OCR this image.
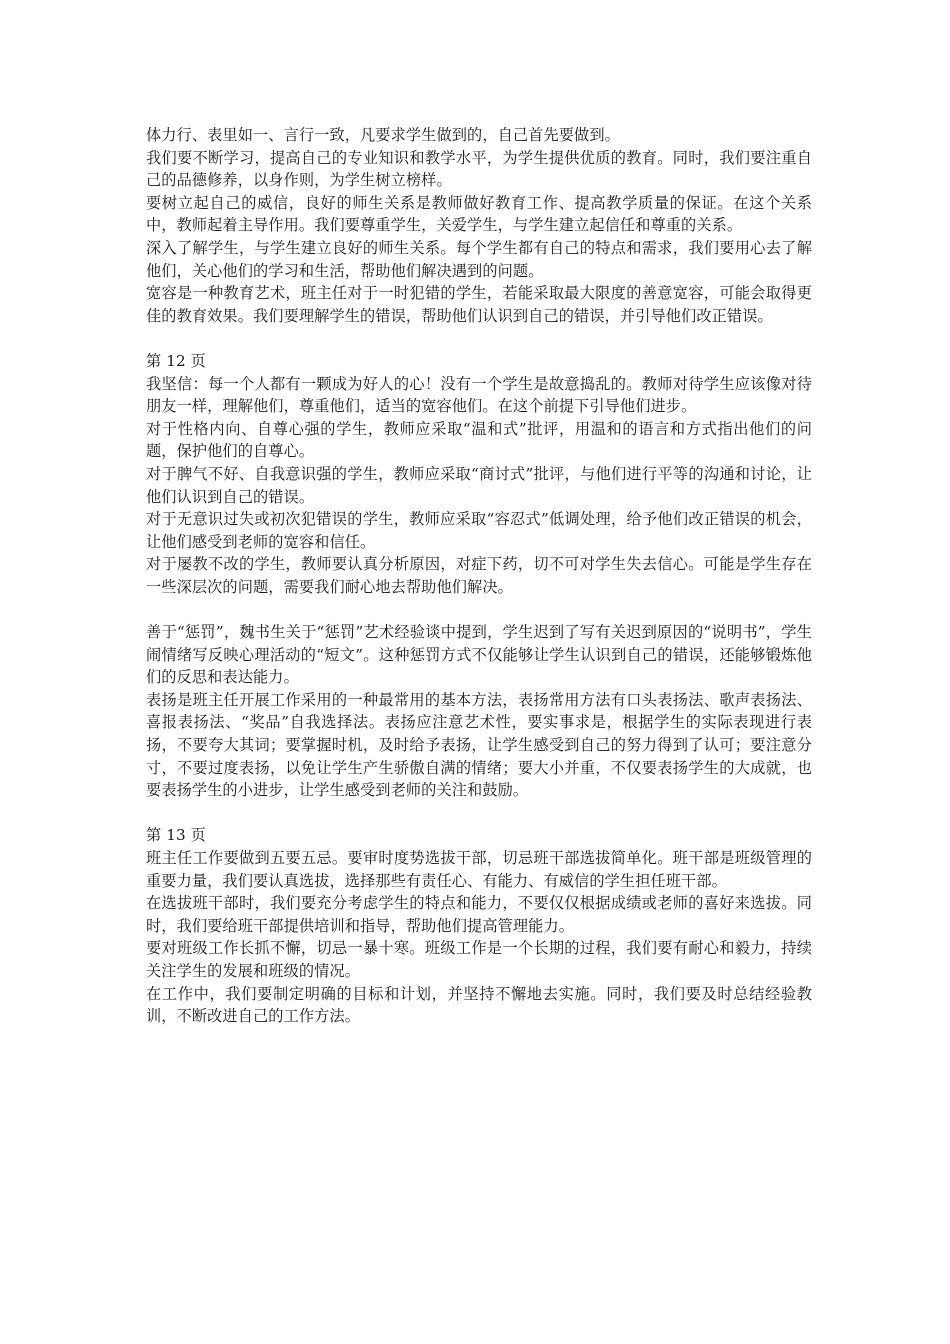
体力行、表里如一、言行一致，凡要求学生做到的，自己首先要做到。

我们要不断学习，提高自己的专业知识和教学水平，为学生提供优质的教育。同时，我们要注重自己的品德修养，以身作则，为学生树立榜样。

要树立起自己的威信，良好的师生关系是教师做好教育工作、提高教学质量的保证。在这个关系中，教师起着主导作用。我们要尊重学生，关爱学生，与学生建立起信任和尊重的关系。

深入了解学生，与学生建立良好的师生关系。每个学生都有自己的特点和需求，我们要用心去了解他们，关心他们的学习和生活，帮助他们解决遇到的问题。

宽容是一种教育艺术，班主任对于一时犯错的学生，若能采取最大限度的善意宽容，可能会取得更佳的教育效果。我们要理解学生的错误，帮助他们认识到自己的错误，并引导他们改正错误。

第 12 页

我坚信：每一个人都有一颗成为好人的心！没有一个学生是故意捣乱的。教师对待学生应该像对待朋友一样，理解他们，尊重他们，适当的宽容他们。在这个前提下引导他们进步。

对于性格内向、自尊心强的学生，教师应采取“温和式”批评，用温和的语言和方式指出他们的问题，保护他们的自尊心。

对于脾气不好、自我意识强的学生，教师应采取“商讨式”批评，与他们进行平等的沟通和讨论，让他们认识到自己的错误。

对于无意识过失或初次犯错误的学生，教师应采取“容忍式”低调处理，给予他们改正错误的机会，让他们感受到老师的宽容和信任。

对于屡教不改的学生，教师要认真分析原因，对症下药，切不可对学生失去信心。可能是学生存在一些深层次的问题，需要我们耐心地去帮助他们解决。

善于“惩罚”，魏书生关于“惩罚”艺术经验谈中提到，学生迟到了写有关迟到原因的“说明书”，学生闹情绪写反映心理活动的“短文”。这种惩罚方式不仅能够让学生认识到自己的错误，还能够锻炼他们的反思和表达能力。

表扬是班主任开展工作采用的一种最常用的基本方法，表扬常用方法有口头表扬法、歌声表扬法、喜报表扬法、“奖品”自我选择法。表扬应注意艺术性，要实事求是，根据学生的实际表现进行表扬，不要夸大其词；要掌握时机，及时给予表扬，让学生感受到自己的努力得到了认可；要注意分寸，不要过度表扬，以免让学生产生骄傲自满的情绪；要大小并重，不仅要表扬学生的大成就，也要表扬学生的小进步，让学生感受到老师的关注和鼓励。

第 13 页

班主任工作要做到五要五忌。要审时度势选拔干部，切忌班干部选拔简单化。班干部是班级管理的重要力量，我们要认真选拔，选择那些有责任心、有能力、有威信的学生担任班干部。

在选拔班干部时，我们要充分考虑学生的特点和能力，不要仅仅根据成绩或老师的喜好来选拔。同时，我们要给班干部提供培训和指导，帮助他们提高管理能力。

要对班级工作长抓不懈，切忌一暴十寒。班级工作是一个长期的过程，我们要有耐心和毅力，持续关注学生的发展和班级的情况。

在工作中，我们要制定明确的目标和计划，并坚持不懈地去实施。同时，我们要及时总结经验教训，不断改进自己的工作方法。
